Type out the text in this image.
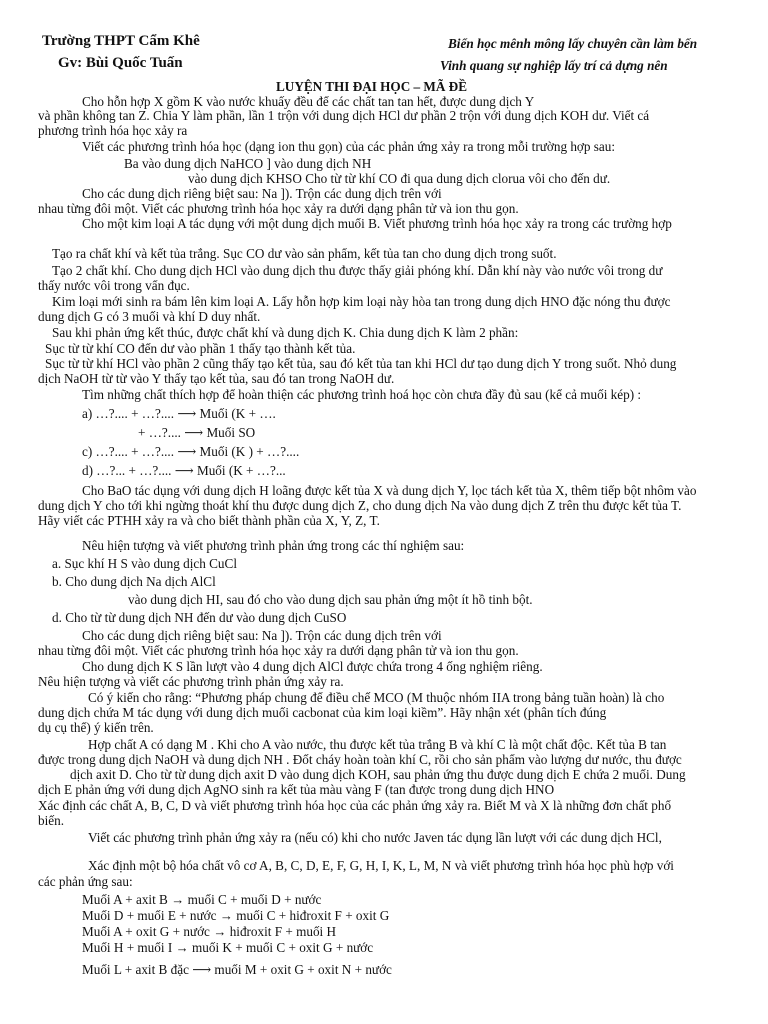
Trường THPT Cẩm Khê
Gv: Bùi Quốc Tuấn
Biển học mênh mông lấy chuyên cần làm bến
Vinh quang sự nghiệp lấy trí cả dựng nên
LUYỆN THI ĐẠI HỌC – MÃ ĐỀ
Cho hỗn hợp X gồm K vào nước khuấy đều để các chất tan tan hết, được dung dịch Y
và phần không tan Z. Chia Y làm phần, lần 1 trộn với dung dịch HCl dư phần 2 trộn với dung dịch KOH dư. Viết cá
phương trình hóa học xảy ra
Viết các phương trình hóa học (dạng ion thu gọn) của các phản ứng xảy ra trong mỗi trường hợp sau:
Ba vào dung dịch NaHCO ] vào dung dịch NH
vào dung dịch KHSO Cho từ từ khí CO đi qua dung dịch clorua vôi cho đến dư.
Cho các dung dịch riêng biệt sau: Na ]). Trộn các dung dịch trên với
nhau từng đôi một. Viết các phương trình hóa học xảy ra dưới dạng phân tử và ion thu gọn.
Cho một kim loại A tác dụng với một dung dịch muối B. Viết phương trình hóa học xảy ra trong các trường hợp
Tạo ra chất khí và kết tủa trắng. Sục CO dư vào sản phẩm, kết tủa tan cho dung dịch trong suốt.
Tạo 2 chất khí. Cho dung dịch HCl vào dung dịch thu được thấy giải phóng khí. Dẫn khí này vào nước vôi trong dư
thấy nước vôi trong vẩn đục.
Kim loại mới sinh ra bám lên kim loại A. Lấy hỗn hợp kim loại này hòa tan trong dung dịch HNO đặc nóng thu được
dung dịch G có 3 muối và khí D duy nhất.
Sau khi phản ứng kết thúc, được chất khí và dung dịch K. Chia dung dịch K làm 2 phần:
Sục từ từ khí CO đến dư vào phần 1 thấy tạo thành kết tủa.
Sục từ từ khí HCl vào phần 2 cũng thấy tạo kết tủa, sau đó kết tủa tan khi HCl dư tạo dung dịch Y trong suốt. Nhỏ dung
dịch NaOH từ từ vào Y thấy tạo kết tủa, sau đó tan trong NaOH dư.
Tìm những chất thích hợp để hoàn thiện các phương trình hoá học còn chưa đầy đủ sau (kể cả muối kép) :
a) …?.... + …?.... ⟶ Muối (K + ….
+ …?.... ⟶ Muối SO
c) …?.... + …?.... ⟶ Muối (K ) + …?....
d) …?... + …?.... ⟶ Muối (K + …?...
Cho BaO tác dụng với dung dịch H loãng được kết tủa X và dung dịch Y, lọc tách kết tủa X, thêm tiếp bột nhôm vào
dung dịch Y cho tới khi ngừng thoát khí thu được dung dịch Z, cho dung dịch Na vào dung dịch Z trên thu được kết tủa T.
Hãy viết các PTHH xảy ra và cho biết thành phần của X, Y, Z, T.
Nêu hiện tượng và viết phương trình phản ứng trong các thí nghiệm sau:
a. Sục khí H S vào dung dịch CuCl
b. Cho dung dịch Na dịch AlCl
vào dung dịch HI, sau đó cho vào dung dịch sau phản ứng một ít hồ tinh bột.
d. Cho từ từ dung dịch NH đến dư vào dung dịch CuSO
Cho các dung dịch riêng biệt sau: Na ]). Trộn các dung dịch trên với
nhau từng đôi một. Viết các phương trình hóa học xảy ra dưới dạng phân tử và ion thu gọn.
Cho dung dịch K S lần lượt vào 4 dung dịch AlCl được chứa trong 4 ống nghiệm riêng.
Nêu hiện tượng và viết các phương trình phản ứng xảy ra.
Có ý kiến cho rằng: “Phương pháp chung để điều chế MCO (M thuộc nhóm IIA trong bảng tuần hoàn) là cho
dung dịch chứa M tác dụng với dung dịch muối cacbonat của kim loại kiềm”. Hãy nhận xét (phân tích đúng
dụ cụ thể) ý kiến trên.
Hợp chất A có dạng M . Khi cho A vào nước, thu được kết tủa trắng B và khí C là một chất độc. Kết tủa B tan
được trong dung dịch NaOH và dung dịch NH . Đốt cháy hoàn toàn khí C, rồi cho sản phẩm vào lượng dư nước, thu được
dịch axit D. Cho từ từ dung dịch axit D vào dung dịch KOH, sau phản ứng thu được dung dịch E chứa 2 muối. Dung
dịch E phản ứng với dung dịch AgNO sinh ra kết tủa màu vàng F (tan được trong dung dịch HNO
Xác định các chất A, B, C, D và viết phương trình hóa học của các phản ứng xảy ra. Biết M và X là những đơn chất phổ
biến.
Viết các phương trình phản ứng xảy ra (nếu có) khi cho nước Javen tác dụng lần lượt với các dung dịch HCl,
Xác định một bộ hóa chất vô cơ A, B, C, D, E, F, G, H, I, K, L, M, N và viết phương trình hóa học phù hợp với
các phản ứng sau:
Muối A + axit B → muối C + muối D + nước
Muối D + muối E + nước → muối C + hiđroxit F + oxit G
Muối A + oxit G + nước → hiđroxit F + muối H
Muối H + muối I → muối K + muối C + oxit G + nước
Muối L + axit B đặc ⟶ muối M + oxit G + oxit N + nước
